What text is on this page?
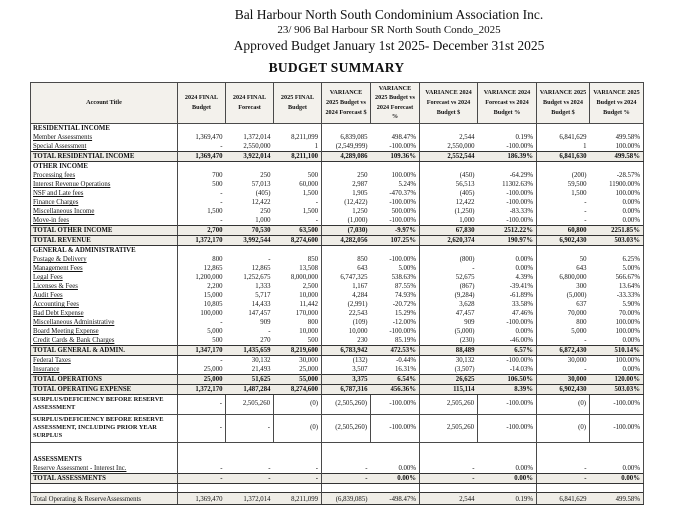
Bal Harbour North South Condominium Association Inc.
23/ 906 Bal Harbour SR North South Condo_2025
Approved Budget January 1st 2025- December 31st 2025
BUDGET SUMMARY
Account Title	2024 FINAL Budget	2024 FINAL Forecast	2025 FINAL Budget	VARIANCE 2025 Budget vs 2024 Forecast $	VARIANCE 2025 Budget vs 2024 Forecast %	VARIANCE 2024 Forecast vs 2024 Budget $	VARIANCE 2024 Forecast vs 2024 Budget %	VARIANCE 2025 Budget vs 2024 Budget $	VARIANCE 2025 Budget vs 2024 Budget %
RESIDENTIAL INCOME									
Member Assessments	1,369,470	1,372,014	8,211,099	6,839,085	498.47%	2,544	0.19%	6,841,629	499.58%
Special Assessment	-	2,550,000	1	(2,549,999)	-100.00%	2,550,000	-100.00%	1	100.00%
TOTAL RESIDENTIAL INCOME	1,369,470	3,922,014	8,211,100	4,289,086	109.36%	2,552,544	186.39%	6,841,630	499.58%
OTHER INCOME									
Processing fees	700	250	500	250	100.00%	(450)	-64.29%	(200)	-28.57%
Interest Revenue Operations	500	57,013	60,000	2,987	5.24%	56,513	11302.63%	59,500	11900.00%
NSF and Late fees	-	(405)	1,500	1,905	-470.37%	(405)	-100.00%	1,500	100.00%
Finance Charges	-	12,422	-	(12,422)	-100.00%	12,422	-100.00%	-	0.00%
Miscellaneous Income	1,500	250	1,500	1,250	500.00%	(1,250)	-83.33%	-	0.00%
Move-in fees	-	1,000	-	(1,000)	-100.00%	1,000	-100.00%	-	0.00%
TOTAL OTHER INCOME	2,700	70,530	63,500	(7,030)	-9.97%	67,830	2512.22%	60,800	2251.85%
TOTAL REVENUE	1,372,170	3,992,544	8,274,600	4,282,056	107.25%	2,620,374	190.97%	6,902,430	503.03%
GENERAL & ADMINISTRATIVE									
Postage & Delivery	800	-	850	850	-100.00%	(800)	0.00%	50	6.25%
Management Fees	12,865	12,865	13,508	643	5.00%	-	0.00%	643	5.00%
Legal Fees	1,200,000	1,252,675	8,000,000	6,747,325	538.63%	52,675	4.39%	6,800,000	566.67%
Licenses & Fees	2,200	1,333	2,500	1,167	87.55%	(867)	-39.41%	300	13.64%
Audit Fees	15,000	5,717	10,000	4,284	74.93%	(9,284)	-61.89%	(5,000)	-33.33%
Accounting Fees	10,805	14,433	11,442	(2,991)	-20.72%	3,628	33.58%	637	5.90%
Bad Debt Expense	100,000	147,457	170,000	22,543	15.29%	47,457	47.46%	70,000	70.00%
Miscellaneous Administrative	-	909	800	(109)	-12.00%	909	-100.00%	800	100.00%
Board Meeting Expense	5,000	-	10,000	10,000	-100.00%	(5,000)	0.00%	5,000	100.00%
Credit Cards & Bank Charges	500	270	500	230	85.19%	(230)	-46.00%	-	0.00%
TOTAL GENERAL & ADMIN.	1,347,170	1,435,659	8,219,600	6,783,942	472.53%	88,489	6.57%	6,872,430	510.14%
Federal Taxes	-	30,132	30,000	(132)	-0.44%	30,132	-100.00%	30,000	100.00%
Insurance	25,000	21,493	25,000	3,507	16.31%	(3,507)	-14.03%	-	0.00%
TOTAL OPERATIONS	25,000	51,625	55,000	3,375	6.54%	26,625	106.50%	30,000	120.00%
TOTAL OPERATING EXPENSE	1,372,170	1,487,284	8,274,600	6,787,316	456.36%	115,114	8.39%	6,902,430	503.03%
SURPLUS/DEFICIENCY BEFORE RESERVE ASSESSMENT	-	2,505,260	(0)	(2,505,260)	-100.00%	2,505,260	-100.00%	(0)	-100.00%
SURPLUS/DEFICIENCY BEFORE RESERVE ASSESSMENT, INCLUDING PRIOR YEAR SURPLUS	-	-	(0)	(2,505,260)	-100.00%	2,505,260	-100.00%	(0)	-100.00%

ASSESSMENTS									
Reserve Assessment - Interest Inc.	-	-	-	-	0.00%	-	0.00%	-	0.00%
TOTAL ASSESSMENTS	-	-	-	-	0.00%	-	0.00%	-	0.00%

Total Operating & ReserveAssessments	1,369,470	1,372,014	8,211,099	(6,839,085)	-498.47%	2,544	0.19%	6,841,629	499.58%
